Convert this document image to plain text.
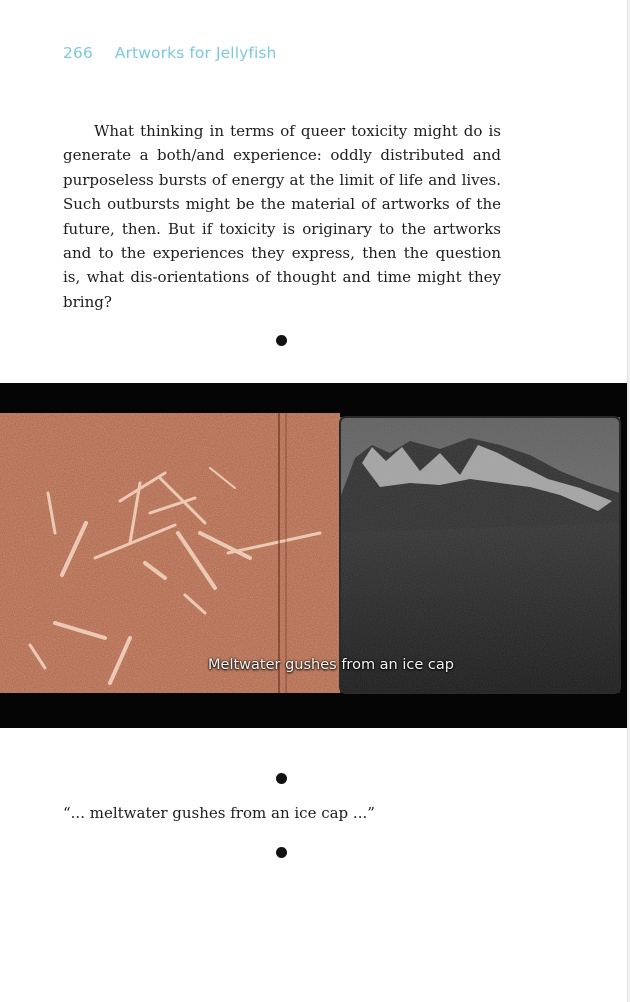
266 Artworks for Jellyfish

What thinking in terms of queer toxicity might do is generate a both/and experience: oddly distributed and purposeless bursts of energy at the limit of life and lives. Such outbursts might be the material of artworks of the future, then. But if toxicity is originary to the artworks and to the experiences they express, then the question is, what dis-orientations of thought and time might they bring?

Meltwater gushes from an ice cap
“... meltwater gushes from an ice cap ...”
